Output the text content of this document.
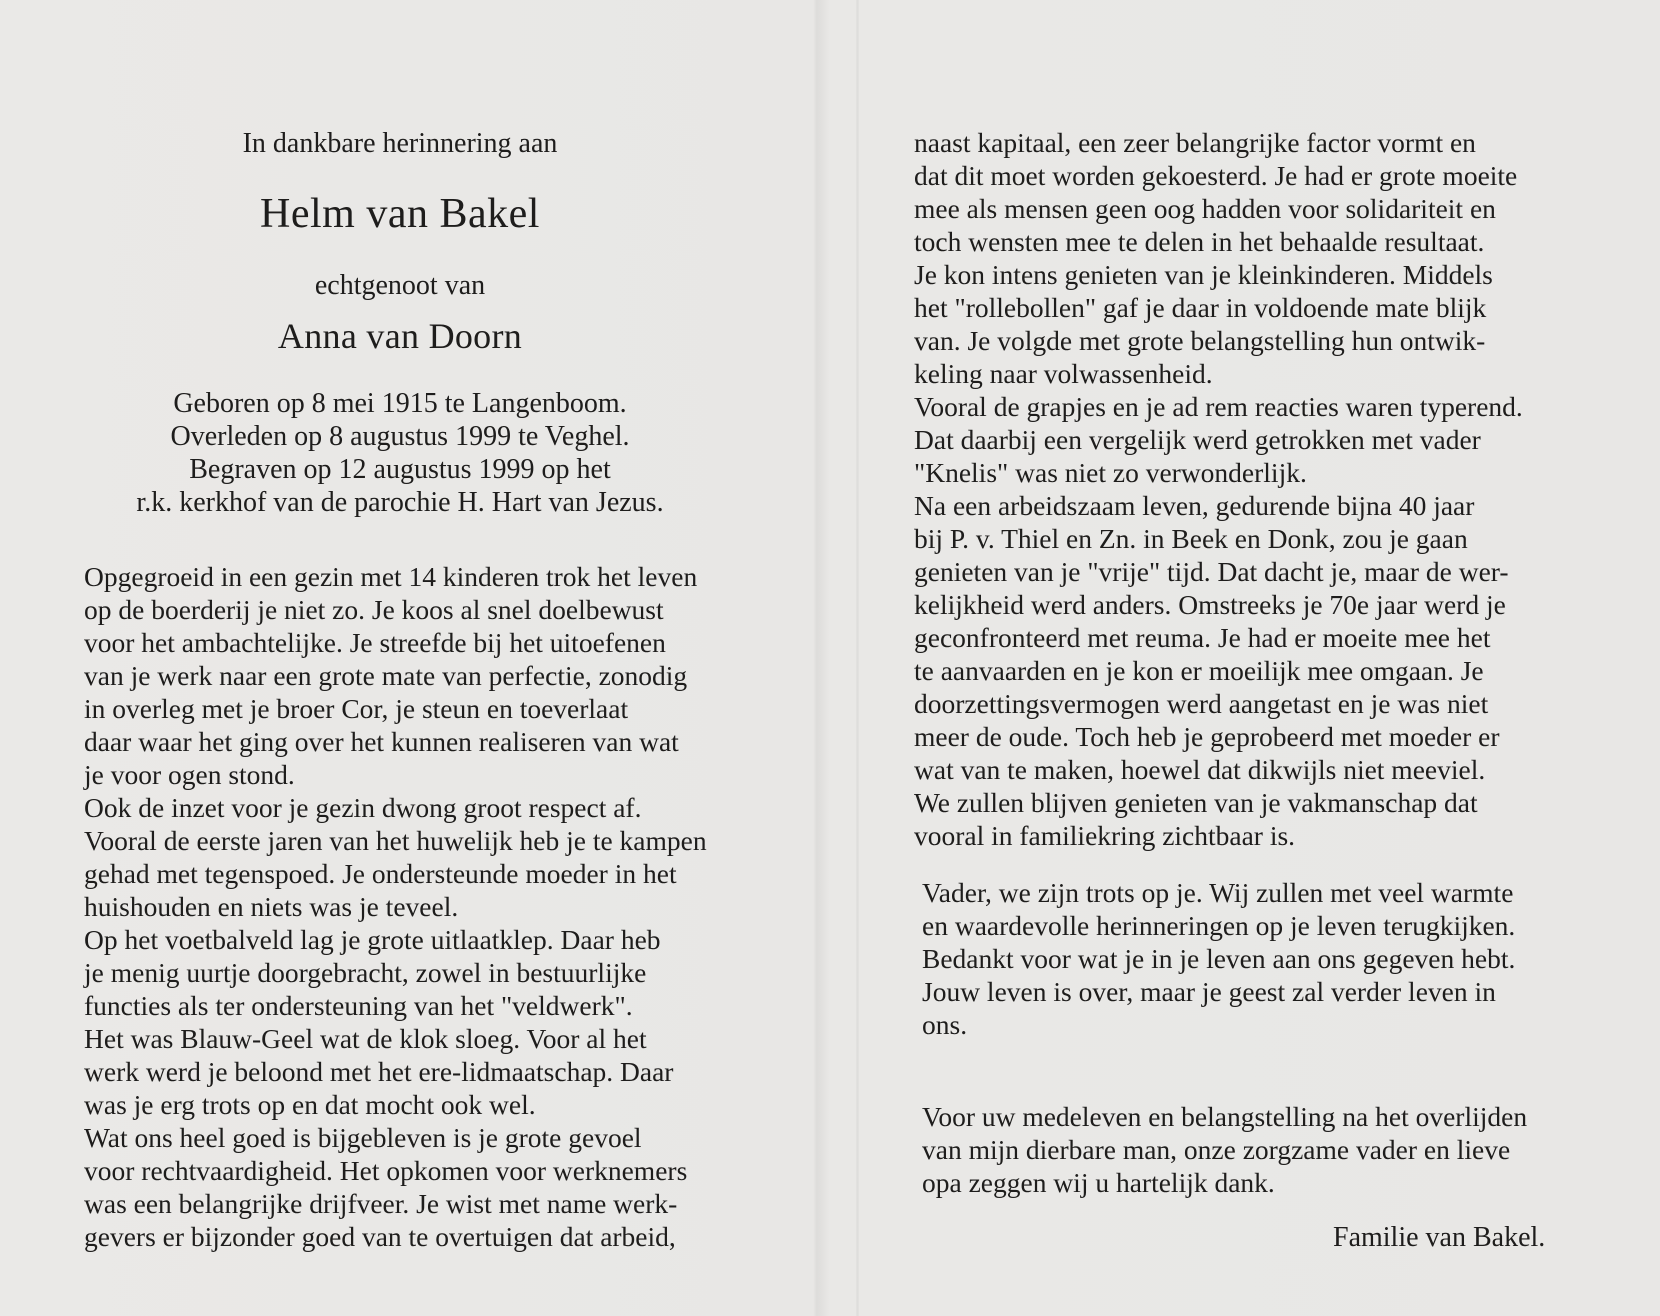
In dankbare herinnering aan
Helm van Bakel
echtgenoot van
Anna van Doorn
Geboren op 8 mei 1915 te Langenboom.
Overleden op 8 augustus 1999 te Veghel.
Begraven op 12 augustus 1999 op het
r.k. kerkhof van de parochie H. Hart van Jezus.
Opgegroeid in een gezin met 14 kinderen trok het leven
op de boerderij je niet zo. Je koos al snel doelbewust
voor het ambachtelijke. Je streefde bij het uitoefenen
van je werk naar een grote mate van perfectie, zonodig
in overleg met je broer Cor, je steun en toeverlaat
daar waar het ging over het kunnen realiseren van wat
je voor ogen stond.
Ook de inzet voor je gezin dwong groot respect af.
Vooral de eerste jaren van het huwelijk heb je te kampen
gehad met tegenspoed. Je ondersteunde moeder in het
huishouden en niets was je teveel.
Op het voetbalveld lag je grote uitlaatklep. Daar heb
je menig uurtje doorgebracht, zowel in bestuurlijke
functies als ter ondersteuning van het "veldwerk".
Het was Blauw-Geel wat de klok sloeg. Voor al het
werk werd je beloond met het ere-lidmaatschap. Daar
was je erg trots op en dat mocht ook wel.
Wat ons heel goed is bijgebleven is je grote gevoel
voor rechtvaardigheid. Het opkomen voor werknemers
was een belangrijke drijfveer. Je wist met name werk-
gevers er bijzonder goed van te overtuigen dat arbeid,
naast kapitaal, een zeer belangrijke factor vormt en
dat dit moet worden gekoesterd. Je had er grote moeite
mee als mensen geen oog hadden voor solidariteit en
toch wensten mee te delen in het behaalde resultaat.
Je kon intens genieten van je kleinkinderen. Middels
het "rollebollen" gaf je daar in voldoende mate blijk
van. Je volgde met grote belangstelling hun ontwik-
keling naar volwassenheid.
Vooral de grapjes en je ad rem reacties waren typerend.
Dat daarbij een vergelijk werd getrokken met vader
"Knelis" was niet zo verwonderlijk.
Na een arbeidszaam leven, gedurende bijna 40 jaar
bij P. v. Thiel en Zn. in Beek en Donk, zou je gaan
genieten van je "vrije" tijd. Dat dacht je, maar de wer-
kelijkheid werd anders. Omstreeks je 70e jaar werd je
geconfronteerd met reuma. Je had er moeite mee het
te aanvaarden en je kon er moeilijk mee omgaan. Je
doorzettingsvermogen werd aangetast en je was niet
meer de oude. Toch heb je geprobeerd met moeder er
wat van te maken, hoewel dat dikwijls niet meeviel.
We zullen blijven genieten van je vakmanschap dat
vooral in familiekring zichtbaar is.
Vader, we zijn trots op je. Wij zullen met veel warmte
en waardevolle herinneringen op je leven terugkijken.
Bedankt voor wat je in je leven aan ons gegeven hebt.
Jouw leven is over, maar je geest zal verder leven in
ons.
Voor uw medeleven en belangstelling na het overlijden
van mijn dierbare man, onze zorgzame vader en lieve
opa zeggen wij u hartelijk dank.
Familie van Bakel.
